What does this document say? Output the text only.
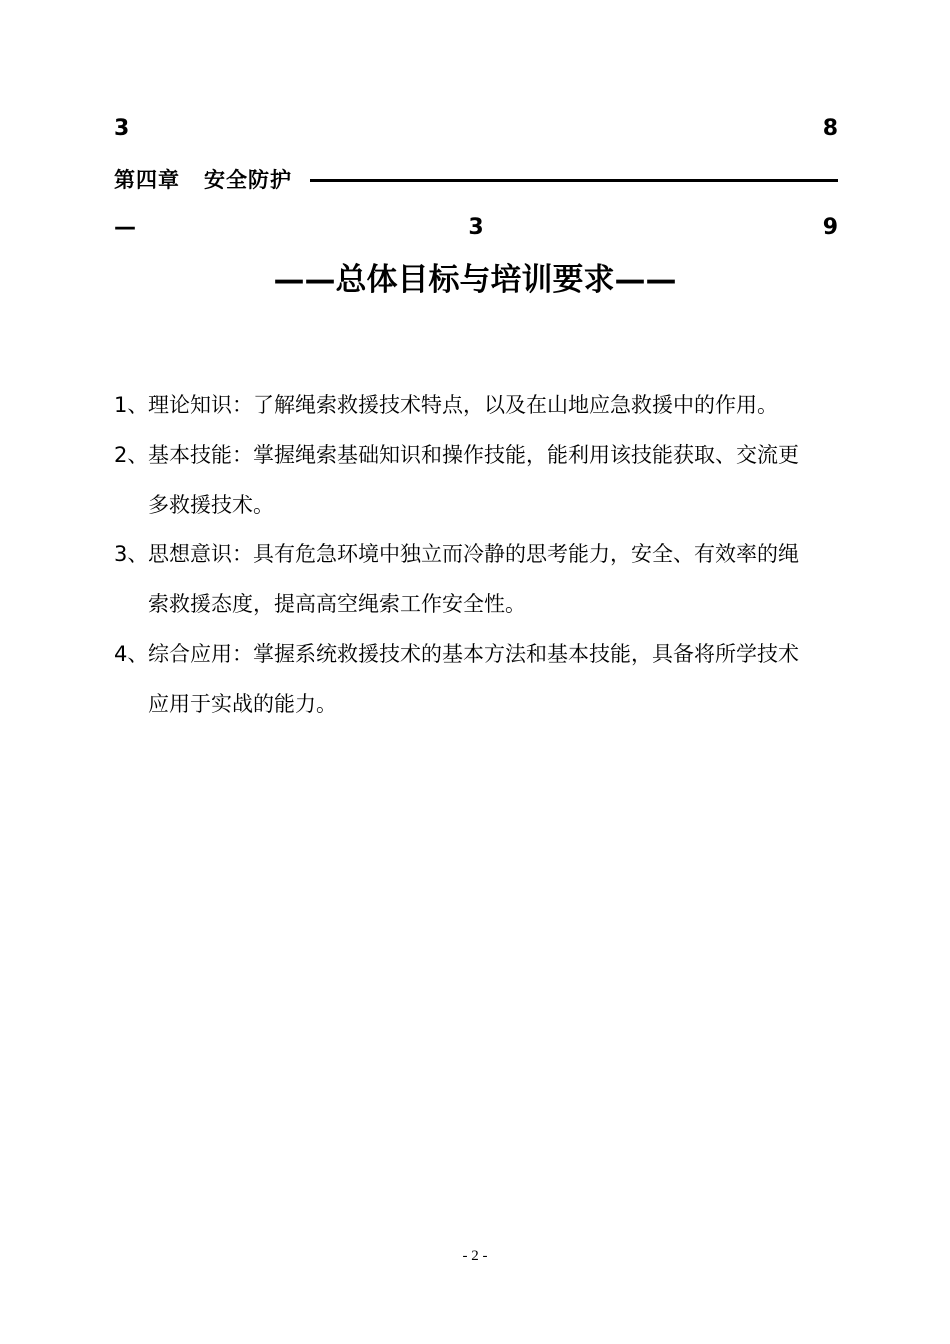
3	8
第四章 安全防护
—	3	9
——总体目标与培训要求——
1、理论知识：了解绳索救援技术特点，以及在山地应急救援中的作用。
2、基本技能：掌握绳索基础知识和操作技能，能利用该技能获取、交流更
多救援技术。
3、思想意识：具有危急环境中独立而冷静的思考能力，安全、有效率的绳
索救援态度，提高高空绳索工作安全性。
4、综合应用：掌握系统救援技术的基本方法和基本技能，具备将所学技术
应用于实战的能力。
- 2 -
